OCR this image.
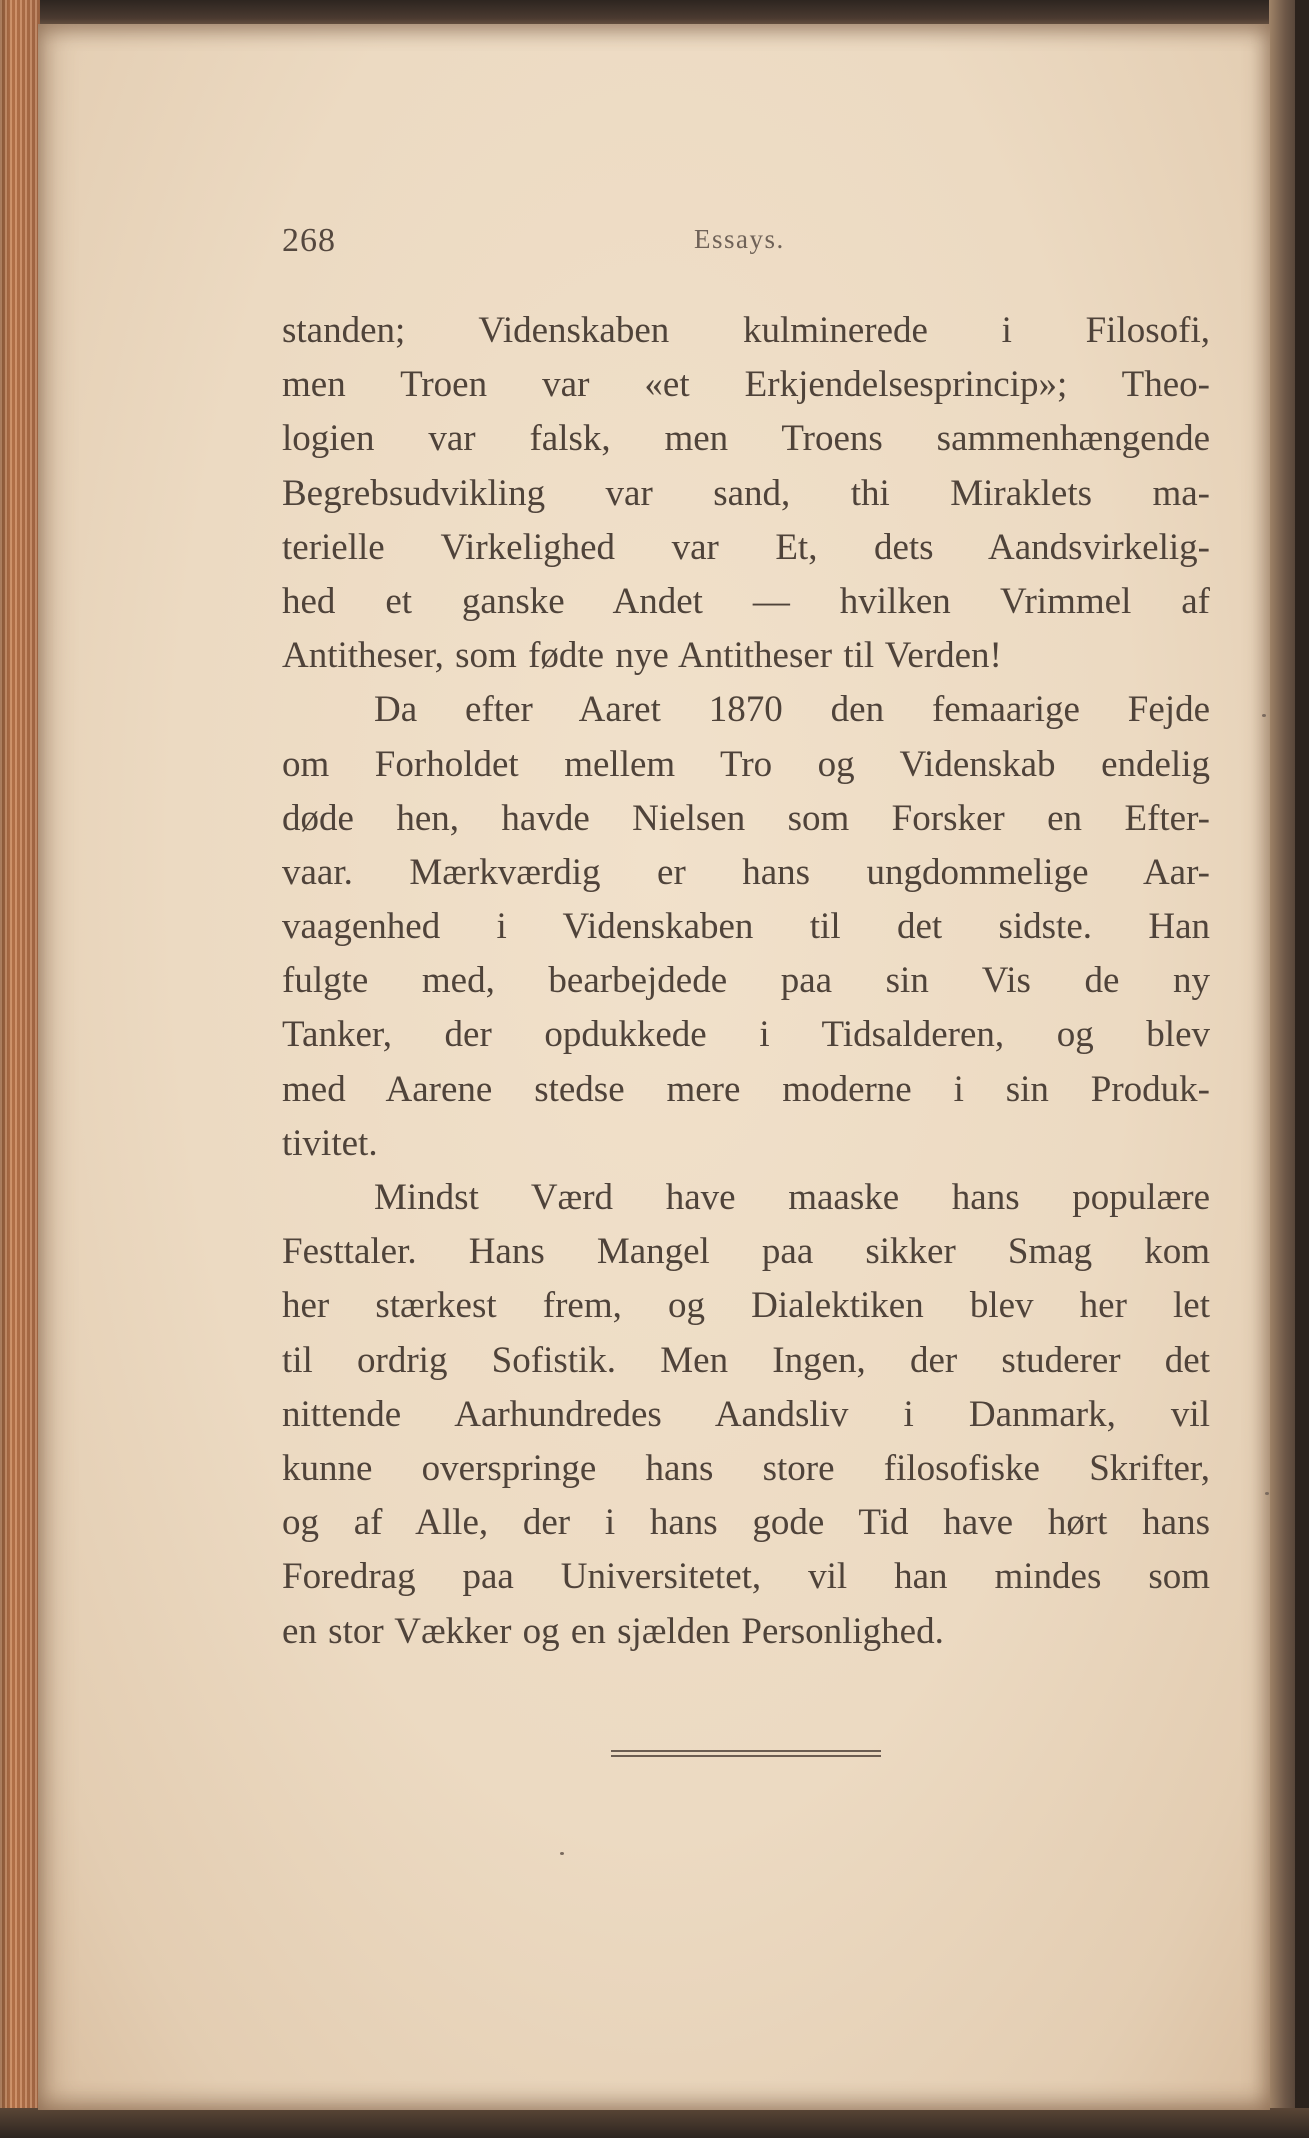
268	Essays.
standen; Videnskaben kulminerede i Filosofi,
men Troen var «et Erkjendelsesprincip»; Theo-
logien var falsk, men Troens sammenhængende
Begrebsudvikling var sand, thi Miraklets ma-
terielle Virkelighed var Et, dets Aandsvirkelig-
hed et ganske Andet — hvilken Vrimmel af
Antitheser, som fødte nye Antitheser til Verden!
Da efter Aaret 1870 den femaarige Fejde
om Forholdet mellem Tro og Videnskab endelig
døde hen, havde Nielsen som Forsker en Efter-
vaar. Mærkværdig er hans ungdommelige Aar-
vaagenhed i Videnskaben til det sidste. Han
fulgte med, bearbejdede paa sin Vis de ny
Tanker, der opdukkede i Tidsalderen, og blev
med Aarene stedse mere moderne i sin Produk-
tivitet.
Mindst Værd have maaske hans populære
Festtaler. Hans Mangel paa sikker Smag kom
her stærkest frem, og Dialektiken blev her let
til ordrig Sofistik. Men Ingen, der studerer det
nittende Aarhundredes Aandsliv i Danmark, vil
kunne overspringe hans store filosofiske Skrifter,
og af Alle, der i hans gode Tid have hørt hans
Foredrag paa Universitetet, vil han mindes som
en stor Vækker og en sjælden Personlighed.
